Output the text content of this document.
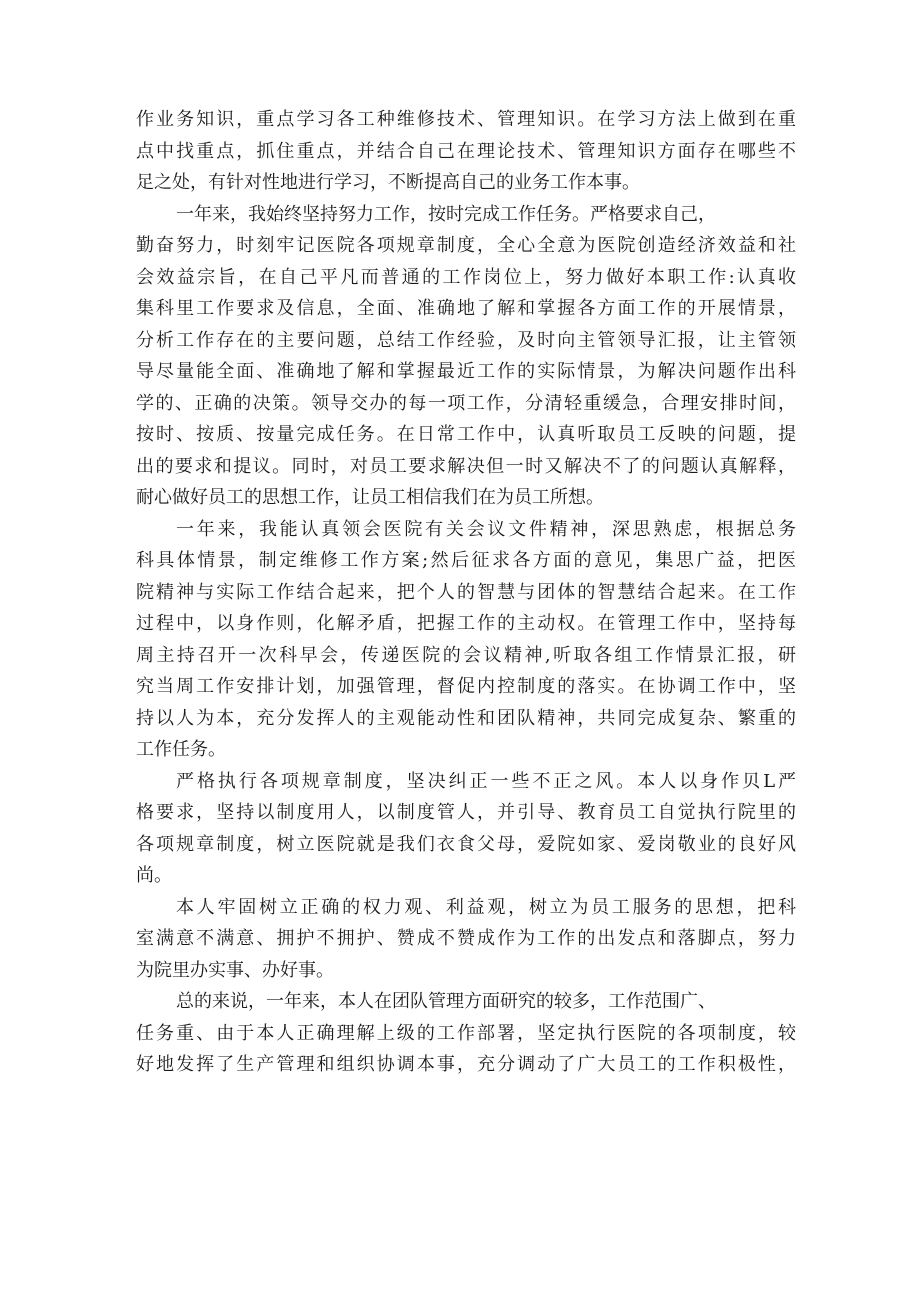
作业务知识，重点学习各工种维修技术、管理知识。在学习方法上做到在重
点中找重点，抓住重点，并结合自己在理论技术、管理知识方面存在哪些不
足之处，有针对性地进行学习，不断提高自己的业务工作本事。
一年来，我始终坚持努力工作，按时完成工作任务。严格要求自己，
勤奋努力，时刻牢记医院各项规章制度，全心全意为医院创造经济效益和社
会效益宗旨，在自己平凡而普通的工作岗位上，努力做好本职工作:认真收
集科里工作要求及信息，全面、准确地了解和掌握各方面工作的开展情景，
分析工作存在的主要问题，总结工作经验，及时向主管领导汇报，让主管领
导尽量能全面、准确地了解和掌握最近工作的实际情景，为解决问题作出科
学的、正确的决策。领导交办的每一项工作，分清轻重缓急，合理安排时间，
按时、按质、按量完成任务。在日常工作中，认真听取员工反映的问题，提
出的要求和提议。同时，对员工要求解决但一时又解决不了的问题认真解释，
耐心做好员工的思想工作，让员工相信我们在为员工所想。
一年来，我能认真领会医院有关会议文件精神，深思熟虑，根据总务
科具体情景，制定维修工作方案;然后征求各方面的意见，集思广益，把医
院精神与实际工作结合起来，把个人的智慧与团体的智慧结合起来。在工作
过程中，以身作则，化解矛盾，把握工作的主动权。在管理工作中，坚持每
周主持召开一次科早会，传递医院的会议精神,听取各组工作情景汇报，研
究当周工作安排计划，加强管理，督促内控制度的落实。在协调工作中，坚
持以人为本，充分发挥人的主观能动性和团队精神，共同完成复杂、繁重的
工作任务。
严格执行各项规章制度，坚决纠正一些不正之风。本人以身作贝L严
格要求，坚持以制度用人，以制度管人，并引导、教育员工自觉执行院里的
各项规章制度，树立医院就是我们衣食父母，爱院如家、爱岗敬业的良好风
尚。
本人牢固树立正确的权力观、利益观，树立为员工服务的思想，把科
室满意不满意、拥护不拥护、赞成不赞成作为工作的出发点和落脚点，努力
为院里办实事、办好事。
总的来说，一年来，本人在团队管理方面研究的较多，工作范围广、
任务重、由于本人正确理解上级的工作部署，坚定执行医院的各项制度，较
好地发挥了生产管理和组织协调本事，充分调动了广大员工的工作积极性，
